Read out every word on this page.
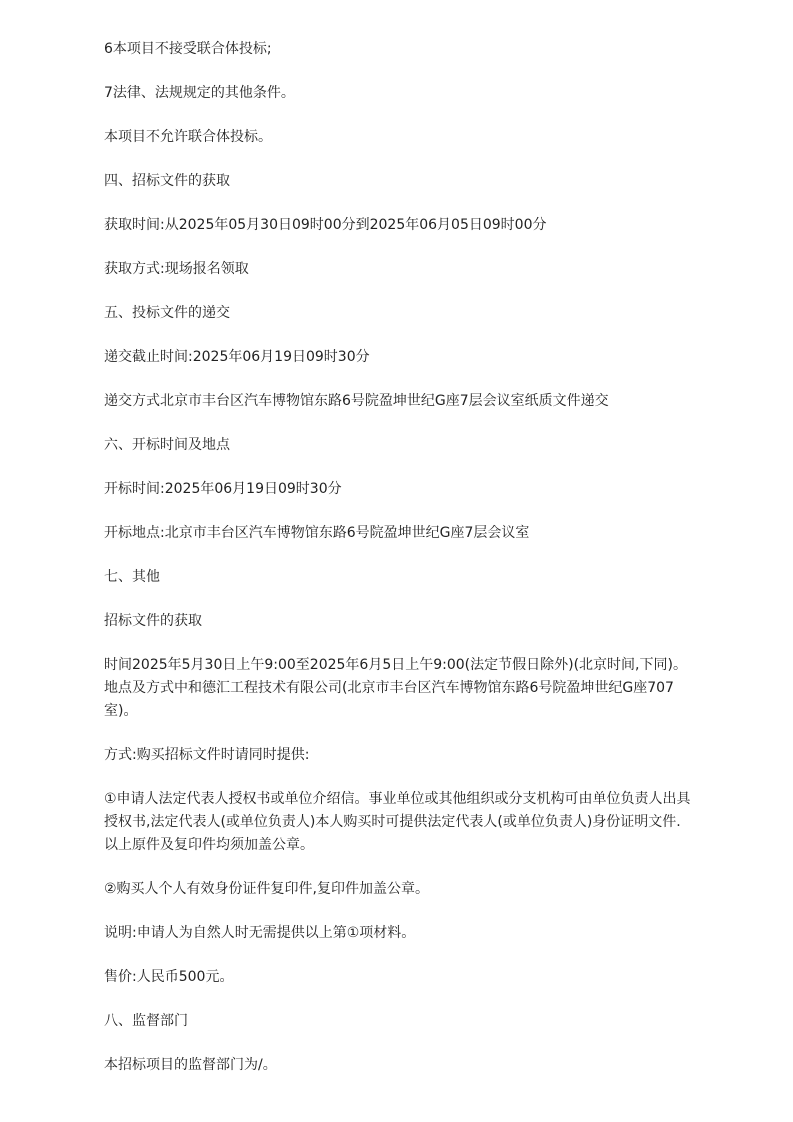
6本项目不接受联合体投标;

7法律、法规规定的其他条件。

本项目不允许联合体投标。

四、招标文件的获取

获取时间:从2025年05月30日09时00分到2025年06月05日09时00分

获取方式:现场报名领取

五、投标文件的递交

递交截止时间:2025年06月19日09时30分

递交方式北京市丰台区汽车博物馆东路6号院盈坤世纪G座7层会议室纸质文件递交

六、开标时间及地点

开标时间:2025年06月19日09时30分

开标地点:北京市丰台区汽车博物馆东路6号院盈坤世纪G座7层会议室

七、其他

招标文件的获取

时间2025年5月30日上午9:00至2025年6月5日上午9:00(法定节假日除外)(北京时间,下同)。地点及方式中和德汇工程技术有限公司(北京市丰台区汽车博物馆东路6号院盈坤世纪G座707室)。

方式:购买招标文件时请同时提供:

①申请人法定代表人授权书或单位介绍信。事业单位或其他组织或分支机构可由单位负责人出具授权书,法定代表人(或单位负责人)本人购买时可提供法定代表人(或单位负责人)身份证明文件.以上原件及复印件均须加盖公章。

②购买人个人有效身份证件复印件,复印件加盖公章。

说明:申请人为自然人时无需提供以上第①项材料。

售价:人民币500元。

八、监督部门

本招标项目的监督部门为/。
